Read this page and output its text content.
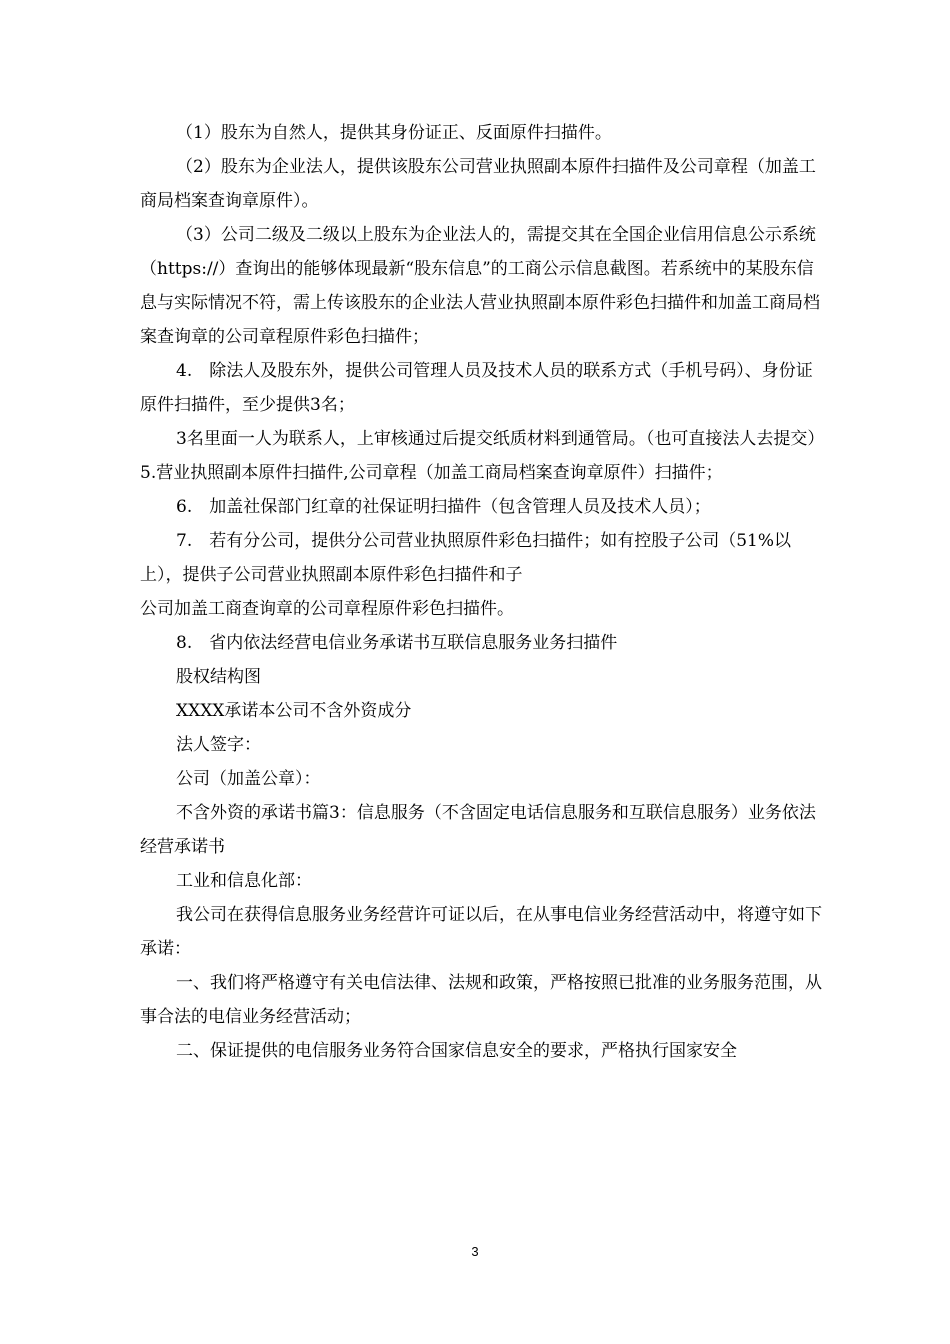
（1）股东为自然人，提供其身份证正、反面原件扫描件。

（2）股东为企业法人，提供该股东公司营业执照副本原件扫描件及公司章程（加盖工商局档案查询章原件）。

（3）公司二级及二级以上股东为企业法人的，需提交其在全国企业信用信息公示系统（https://）查询出的能够体现最新“股东信息”的工商公示信息截图。若系统中的某股东信息与实际情况不符，需上传该股东的企业法人营业执照副本原件彩色扫描件和加盖工商局档案查询章的公司章程原件彩色扫描件；

4.　除法人及股东外，提供公司管理人员及技术人员的联系方式（手机号码）、身份证原件扫描件，至少提供3名；

3名里面一人为联系人，上审核通过后提交纸质材料到通管局。（也可直接法人去提交）5.营业执照副本原件扫描件,公司章程（加盖工商局档案查询章原件）扫描件；

6.　加盖社保部门红章的社保证明扫描件（包含管理人员及技术人员）；

7.　若有分公司，提供分公司营业执照原件彩色扫描件；如有控股子公司（51%以上），提供子公司营业执照副本原件彩色扫描件和子

公司加盖工商查询章的公司章程原件彩色扫描件。

8.　省内依法经营电信业务承诺书互联信息服务业务扫描件

股权结构图

XXXX承诺本公司不含外资成分

法人签字：

公司（加盖公章）：

不含外资的承诺书篇3：信息服务（不含固定电话信息服务和互联信息服务）业务依法经营承诺书

工业和信息化部：

我公司在获得信息服务业务经营许可证以后，在从事电信业务经营活动中，将遵守如下承诺：

一、我们将严格遵守有关电信法律、法规和政策，严格按照已批准的业务服务范围，从事合法的电信业务经营活动；

二、保证提供的电信服务业务符合国家信息安全的要求，严格执行国家安全

3
